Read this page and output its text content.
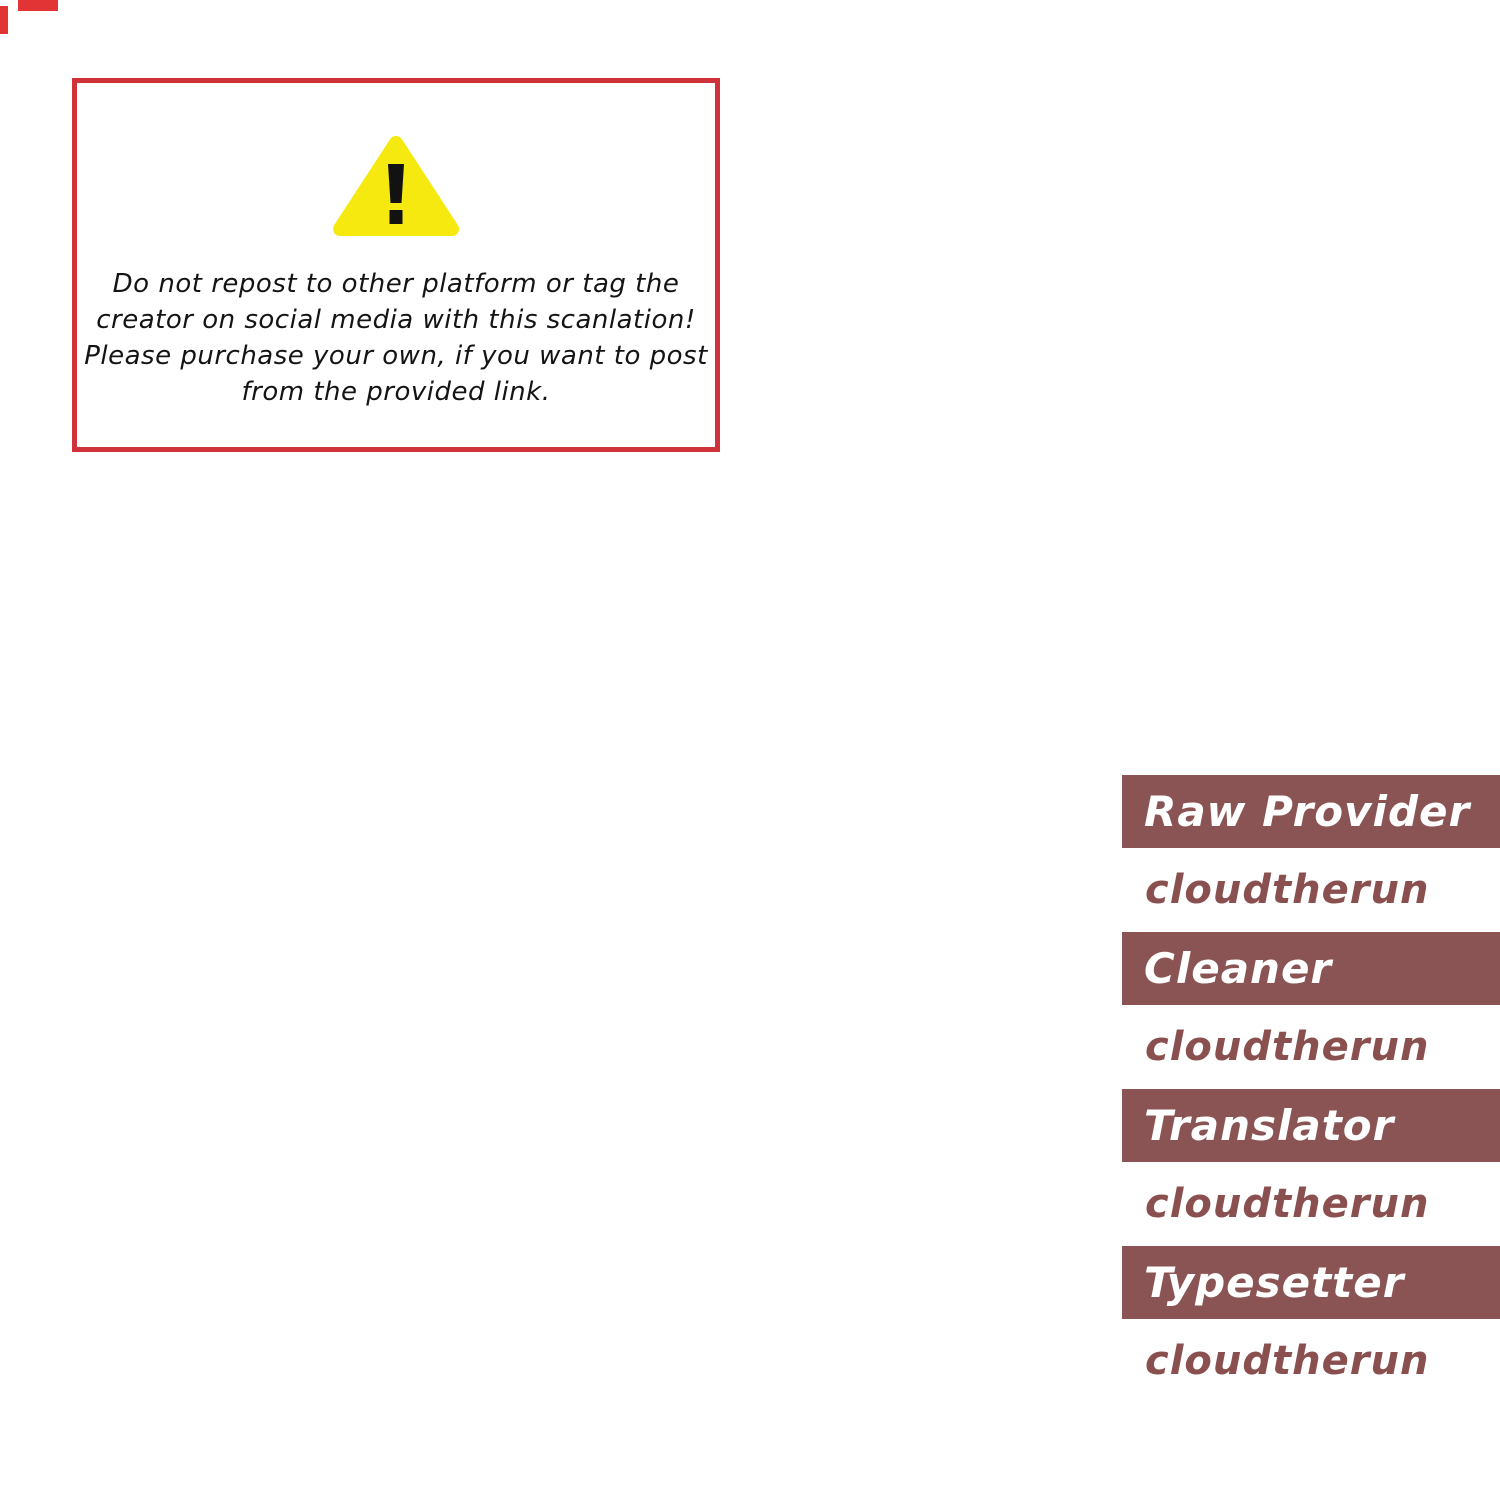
Do not repost to other platform or tag the
creator on social media with this scanlation!
Please purchase your own, if you want to post
from the provided link.
Raw Provider
cloudtherun
Cleaner
cloudtherun
Translator
cloudtherun
Typesetter
cloudtherun
